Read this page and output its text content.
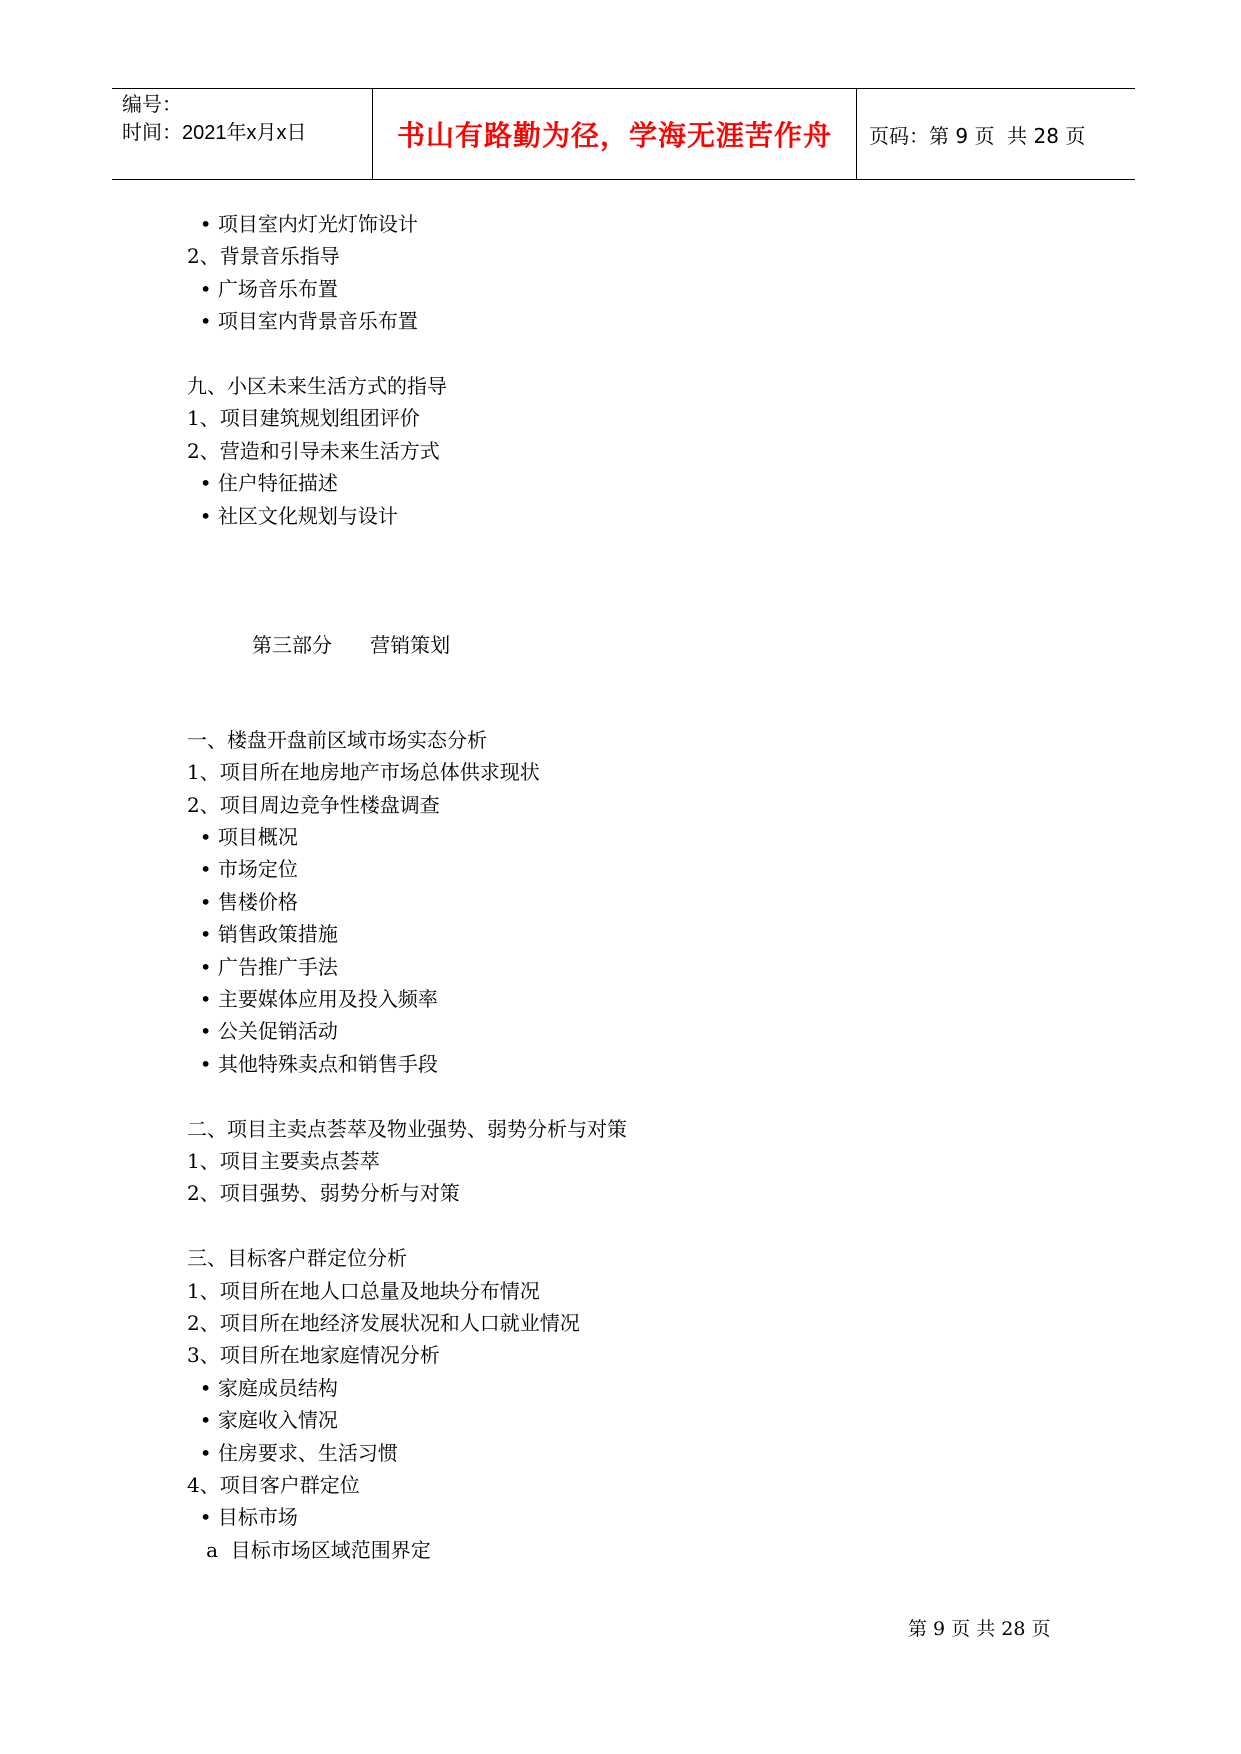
编号：
时间：2021年x月x日	书山有路勤为径，学海无涯苦作舟	页码：第 9 页  共 28 页
• 项目室内灯光灯饰设计
2、背景音乐指导
• 广场音乐布置
• 项目室内背景音乐布置
九、小区未来生活方式的指导
1、项目建筑规划组团评价
2、营造和引导未来生活方式
• 住户特征描述
• 社区文化规划与设计
第三部分      营销策划
一、楼盘开盘前区域市场实态分析
1、项目所在地房地产市场总体供求现状
2、项目周边竞争性楼盘调查
• 项目概况
• 市场定位
• 售楼价格
• 销售政策措施
• 广告推广手法
• 主要媒体应用及投入频率
• 公关促销活动
• 其他特殊卖点和销售手段
二、项目主卖点荟萃及物业强势、弱势分析与对策
1、项目主要卖点荟萃
2、项目强势、弱势分析与对策
三、目标客户群定位分析
1、项目所在地人口总量及地块分布情况
2、项目所在地经济发展状况和人口就业情况
3、项目所在地家庭情况分析
• 家庭成员结构
• 家庭收入情况
• 住房要求、生活习惯
4、项目客户群定位
• 目标市场
a  目标市场区域范围界定
第 9 页 共 28 页
